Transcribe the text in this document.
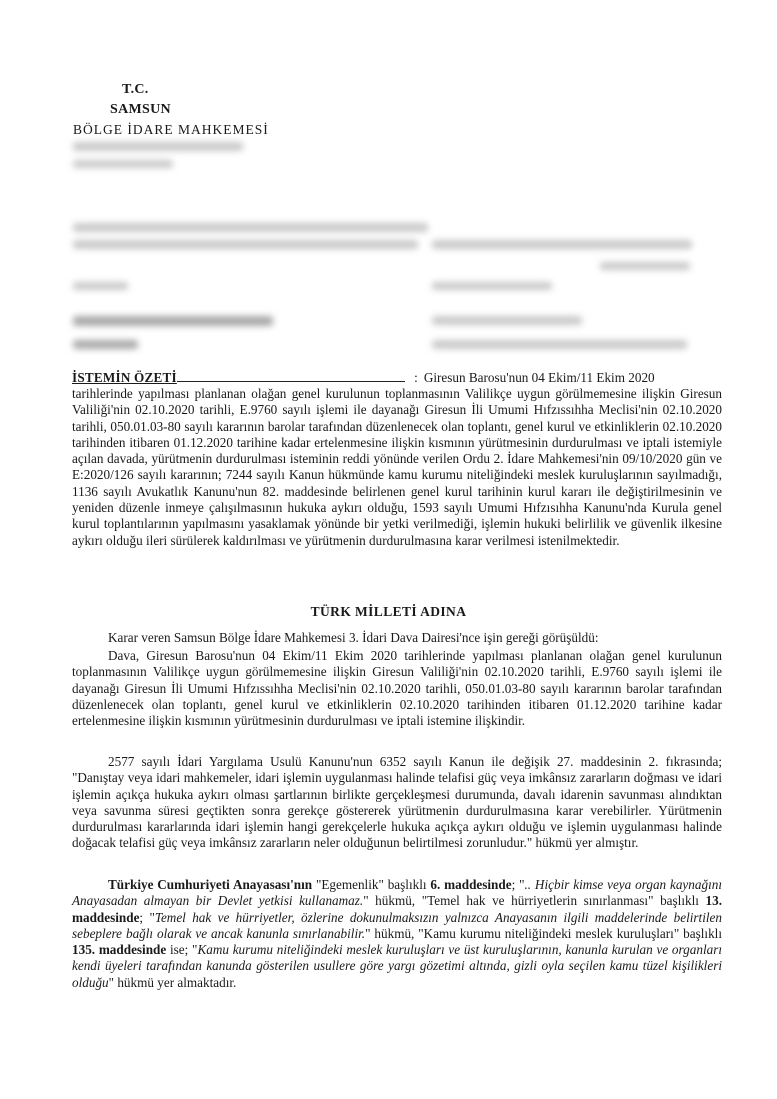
T.C.
SAMSUN
BÖLGE İDARE MAHKEMESİ
İSTEMİN ÖZETİ	: Giresun Barosu'nun 04 Ekim/11 Ekim 2020
tarihlerinde yapılması planlanan olağan genel kurulunun toplanmasının Valilikçe uygun görülmemesine ilişkin Giresun Valiliği'nin 02.10.2020 tarihli, E.9760 sayılı işlemi ile dayanağı Giresun İli Umumi Hıfzıssıhha Meclisi'nin 02.10.2020 tarihli, 050.01.03-80 sayılı kararının barolar tarafından düzenlenecek olan toplantı, genel kurul ve etkinliklerin 02.10.2020 tarihinden itibaren 01.12.2020 tarihine kadar ertelenmesine ilişkin kısmının yürütmesinin durdurulması ve iptali istemiyle açılan davada, yürütmenin durdurulması isteminin reddi yönünde verilen Ordu 2. İdare Mahkemesi'nin 09/10/2020 gün ve E:2020/126 sayılı kararının; 7244 sayılı Kanun hükmünde kamu kurumu niteliğindeki meslek kuruluşlarının sayılmadığı, 1136 sayılı Avukatlık Kanunu'nun 82. maddesinde belirlenen genel kurul tarihinin kurul kararı ile değiştirilmesinin ve yeniden düzenle inmeye çalışılmasının hukuka aykırı olduğu, 1593 sayılı Umumi Hıfzısıhha Kanunu'nda Kurula genel kurul toplantılarının yapılmasını yasaklamak yönünde bir yetki verilmediği, işlemin hukuki belirlilik ve güvenlik ilkesine aykırı olduğu ileri sürülerek kaldırılması ve yürütmenin durdurulmasına karar verilmesi istenilmektedir.
TÜRK MİLLETİ ADINA
Karar veren Samsun Bölge İdare Mahkemesi 3. İdari Dava Dairesi'nce işin gereği görüşüldü:
Dava, Giresun Barosu'nun 04 Ekim/11 Ekim 2020 tarihlerinde yapılması planlanan olağan genel kurulunun toplanmasının Valilikçe uygun görülmemesine ilişkin Giresun Valiliği'nin 02.10.2020 tarihli, E.9760 sayılı işlemi ile dayanağı Giresun İli Umumi Hıfzıssıhha Meclisi'nin 02.10.2020 tarihli, 050.01.03-80 sayılı kararının barolar tarafından düzenlenecek olan toplantı, genel kurul ve etkinliklerin 02.10.2020 tarihinden itibaren 01.12.2020 tarihine kadar ertelenmesine ilişkin kısmının yürütmesinin durdurulması ve iptali istemine ilişkindir.
2577 sayılı İdari Yargılama Usulü Kanunu'nun 6352 sayılı Kanun ile değişik 27. maddesinin 2. fıkrasında; "Danıştay veya idari mahkemeler, idari işlemin uygulanması halinde telafisi güç veya imkânsız zararların doğması ve idari işlemin açıkça hukuka aykırı olması şartlarının birlikte gerçekleşmesi durumunda, davalı idarenin savunması alındıktan veya savunma süresi geçtikten sonra gerekçe göstererek yürütmenin durdurulmasına karar verebilirler. Yürütmenin durdurulması kararlarında idari işlemin hangi gerekçelerle hukuka açıkça aykırı olduğu ve işlemin uygulanması halinde doğacak telafisi güç veya imkânsız zararların neler olduğunun belirtilmesi zorunludur." hükmü yer almıştır.
Türkiye Cumhuriyeti Anayasası'nın "Egemenlik" başlıklı 6. maddesinde; ".. Hiçbir kimse veya organ kaynağını Anayasadan almayan bir Devlet yetkisi kullanamaz." hükmü, "Temel hak ve hürriyetlerin sınırlanması" başlıklı 13. maddesinde; "Temel hak ve hürriyetler, özlerine dokunulmaksızın yalnızca Anayasanın ilgili maddelerinde belirtilen sebeplere bağlı olarak ve ancak kanunla sınırlanabilir." hükmü, "Kamu kurumu niteliğindeki meslek kuruluşları" başlıklı 135. maddesinde ise; "Kamu kurumu niteliğindeki meslek kuruluşları ve üst kuruluşlarının, kanunla kurulan ve organları kendi üyeleri tarafından kanunda gösterilen usullere göre yargı gözetimi altında, gizli oyla seçilen kamu tüzel kişilikleri olduğu" hükmü yer almaktadır.
